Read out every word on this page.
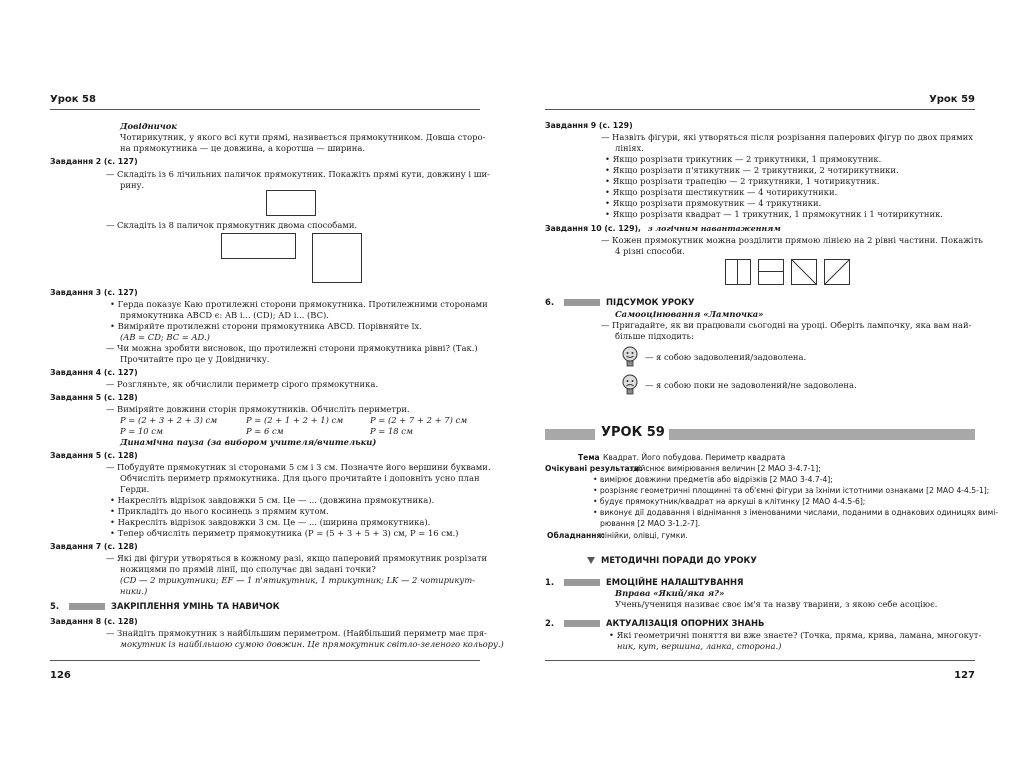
Урок 58
Довідничок
Чотирикутник, у якого всі кути прямі, називається прямокутником. Довша сторо-
на прямокутника — це довжина, а коротша — ширина.
Завдання 2 (с. 127)
— Складіть із 6 лічильних паличок прямокутник. Покажіть прямі кути, довжину і ши-
рину.
— Складіть із 8 паличок прямокутник двома способами.
Завдання 3 (с. 127)
• Герда показує Каю протилежні сторони прямокутника. Протилежними сторонами
прямокутника ABCD є: AB і... (CD); AD і... (BC).
• Виміряйте протилежні сторони прямокутника ABCD. Порівняйте їх.
(AB = CD; BC = AD.)
— Чи можна зробити висновок, що протилежні сторони прямокутника рівні? (Так.)
Прочитайте про це у Довідничку.
Завдання 4 (с. 127)
— Розгляньте, як обчислили периметр сірого прямокутника.
Завдання 5 (с. 128)
— Виміряйте довжини сторін прямокутників. Обчисліть периметри.
P = (2 + 3 + 2 + 3) см	P = (2 + 1 + 2 + 1) см	P = (2 + 7 + 2 + 7) см
P = 10 см	P = 6 см	P = 18 см
Динамічна пауза (за вибором учителя/вчительки)
Завдання 5 (с. 128)
— Побудуйте прямокутник зі сторонами 5 см і 3 см. Позначте його вершини буквами.
Обчисліть периметр прямокутника. Для цього прочитайте і доповніть усно план
Герди.
• Накресліть відрізок завдовжки 5 см. Це — ... (довжина прямокутника).
• Прикладіть до нього косинець з прямим кутом.
• Накресліть відрізок завдовжки 3 см. Це — ... (ширина прямокутника).
• Тепер обчисліть периметр прямокутника (P = (5 + 3 + 5 + 3) см, P = 16 см.)
Завдання 7 (с. 128)
— Які дві фігури утворяться в кожному разі, якщо паперовий прямокутник розрізати
ножицями по прямій лінії, що сполучає дві задані точки?
(CD — 2 трикутники; EF — 1 п'ятикутник, 1 трикутник; LK — 2 чотирикут-
ники.)
5.	ЗАКРІПЛЕННЯ УМІНЬ ТА НАВИЧОК
Завдання 8 (с. 128)
— Знайдіть прямокутник з найбільшим периметром. (Найбільший периметр має пря-
мокутник із найбільшою сумою довжин. Це прямокутник світло-зеленого кольору.)
126
Урок 59
Завдання 9 (с. 129)
— Назвіть фігури, які утворяться після розрізання паперових фігур по двох прямих
лініях.
• Якщо розрізати трикутник — 2 трикутники, 1 прямокутник.
• Якщо розрізати п'ятикутник — 2 трикутники, 2 чотирикутники.
• Якщо розрізати трапецію — 2 трикутники, 1 чотирикутник.
• Якщо розрізати шестикутник — 4 чотирикутники.
• Якщо розрізати прямокутник — 4 трикутники.
• Якщо розрізати квадрат — 1 трикутник, 1 прямокутник і 1 чотирикутник.
Завдання 10 (с. 129), з логічним навантаженням
— Кожен прямокутник можна розділити прямою лінією на 2 рівні частини. Покажіть
4 різні способи.
6.	ПІДСУМОК УРОКУ
Самооцінювання «Лампочка»
— Пригадайте, як ви працювали сьогодні на уроці. Оберіть лампочку, яка вам най-
більше підходить:
— я собою задоволений/задоволена.
— я собою поки не задоволений/не задоволена.
УРОК 59
Тема Квадрат. Його побудова. Периметр квадрата
Очікувані результати:
здійснює вимірювання величин [2 МАО 3-4.7-1];
• вимірює довжини предметів або відрізків [2 МАО 3-4.7-4];
• розрізняє геометричні площинні та об'ємні фігури за їхніми істотними ознаками [2 МАО 4-4.5-1];
• будує прямокутник/квадрат на аркуші в клітинку [2 МАО 4-4.5-6];
• виконує дії додавання і віднімання з іменованими числами, поданими в однакових одиницях вимі-
рювання [2 МАО 3-1.2-7].
Обладнання:
лінійки, олівці, гумки.
МЕТОДИЧНІ ПОРАДИ ДО УРОКУ
1.	ЕМОЦІЙНЕ НАЛАШТУВАННЯ
Вправа «Який/яка я?»
Учень/учениця називає своє ім'я та назву тварини, з якою себе асоціює.
2.	АКТУАЛІЗАЦІЯ ОПОРНИХ ЗНАНЬ
• Які геометричні поняття ви вже знаєте? (Точка, пряма, крива, ламана, многокут-
ник, кут, вершина, ланка, сторона.)
127
